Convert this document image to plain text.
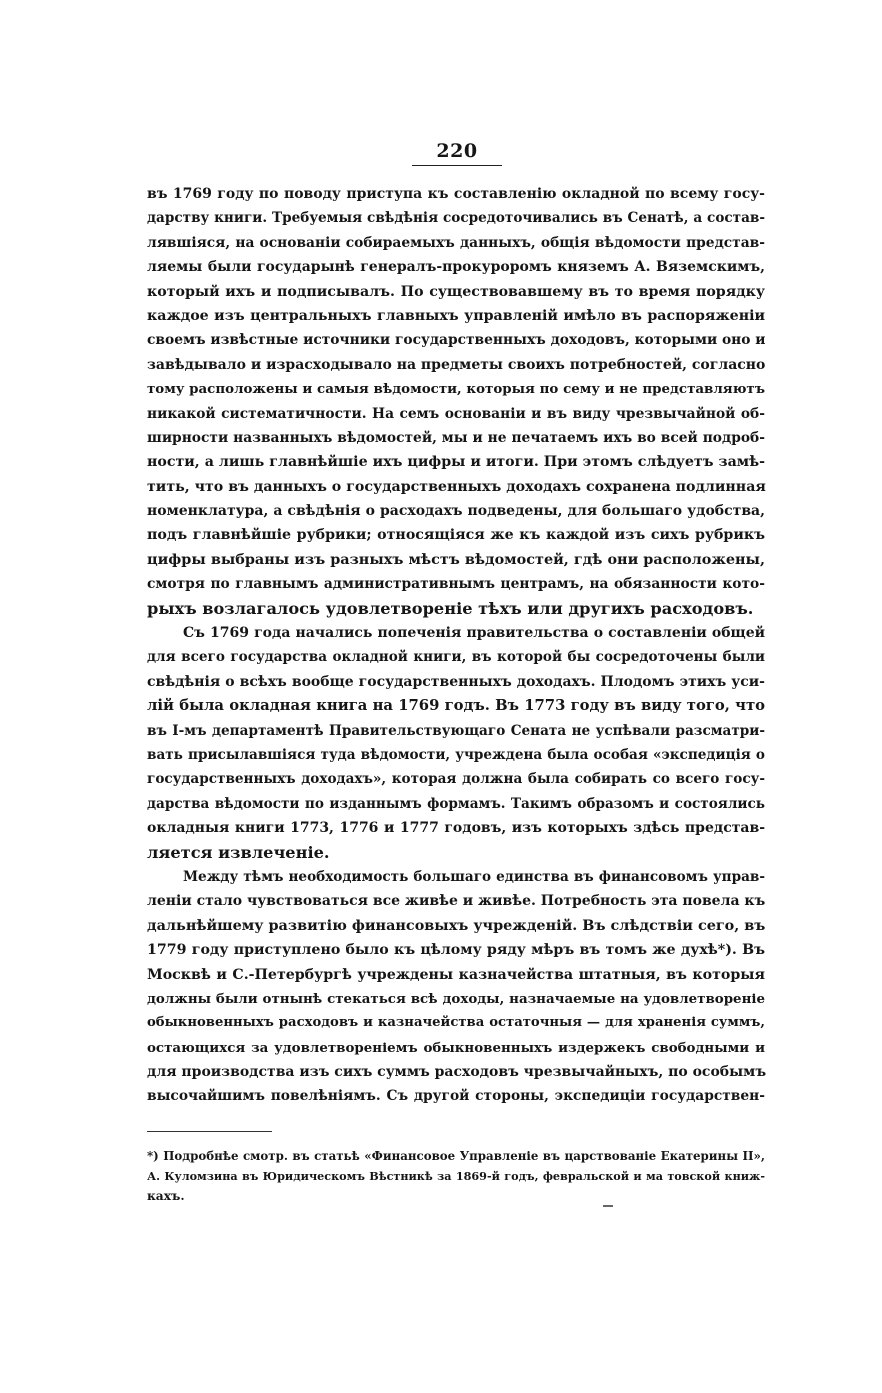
220
въ 1769 году по поводу приступа къ составленію окладной по всему госу-
дарству книги. Требуемыя свѣдѣнія сосредоточивались въ Сенатѣ, а состав-
лявшіяся, на основаніи собираемыхъ данныхъ, общія вѣдомости представ-
ляемы были государынѣ генералъ-прокуроромъ княземъ А. Вяземскимъ,
который ихъ и подписывалъ. По существовавшему въ то время порядку
каждое изъ центральныхъ главныхъ управленій имѣло въ распоряженіи
своемъ извѣстные источники государственныхъ доходовъ, которыми оно и
завѣдывало и израсходывало на предметы своихъ потребностей, согласно
тому расположены и самыя вѣдомости, которыя по сему и не представляютъ
никакой систематичности. На семъ основаніи и въ виду чрезвычайной об-
ширности названныхъ вѣдомостей, мы и не печатаемъ ихъ во всей подроб-
ности, а лишь главнѣйшіе ихъ цифры и итоги. При этомъ слѣдуетъ замѣ-
тить, что въ данныхъ о государственныхъ доходахъ сохранена подлинная
номенклатура, а свѣдѣнія о расходахъ подведены, для большаго удобства,
подъ главнѣйшіе рубрики; относящіяся же къ каждой изъ сихъ рубрикъ
цифры выбраны изъ разныхъ мѣстъ вѣдомостей, гдѣ они расположены,
смотря по главнымъ административнымъ центрамъ, на обязанности кото-
рыхъ возлагалось удовлетвореніе тѣхъ или другихъ расходовъ.
Съ 1769 года начались попеченія правительства о составленіи общей
для всего государства окладной книги, въ которой бы сосредоточены были
свѣдѣнія о всѣхъ вообще государственныхъ доходахъ. Плодомъ этихъ уси-
лій была окладная книга на 1769 годъ. Въ 1773 году въ виду того, что
въ I-мъ департаментѣ Правительствующаго Сената не успѣвали разсматри-
вать присылавшіяся туда вѣдомости, учреждена была особая «экспедиція о
государственныхъ доходахъ», которая должна была собирать со всего госу-
дарства вѣдомости по изданнымъ формамъ. Такимъ образомъ и состоялись
окладныя книги 1773, 1776 и 1777 годовъ, изъ которыхъ здѣсь представ-
ляется извлеченіе.
Между тѣмъ необходимость большаго единства въ финансовомъ управ-
леніи стало чувствоваться все живѣе и живѣе. Потребность эта повела къ
дальнѣйшему развитію финансовыхъ учрежденій. Въ слѣдствіи сего, въ
1779 году приступлено было къ цѣлому ряду мѣръ въ томъ же духѣ*). Въ
Москвѣ и С.-Петербургѣ учреждены казначейства штатныя, въ которыя
должны были отнынѣ стекаться всѣ доходы, назначаемые на удовлетвореніе
обыкновенныхъ расходовъ и казначейства остаточныя — для храненія суммъ,
остающихся за удовлетвореніемъ обыкновенныхъ издержекъ свободными и
для производства изъ сихъ суммъ расходовъ чрезвычайныхъ, по особымъ
высочайшимъ повелѣніямъ. Съ другой стороны, экспедиціи государствен-
*) Подробнѣе смотр. въ статьѣ «Финансовое Управленіе въ царствованіе Екатерины II»,
А. Куломзина въ Юридическомъ Вѣстникѣ за 1869-й годъ, февральской и ма товской книж-
кахъ.
